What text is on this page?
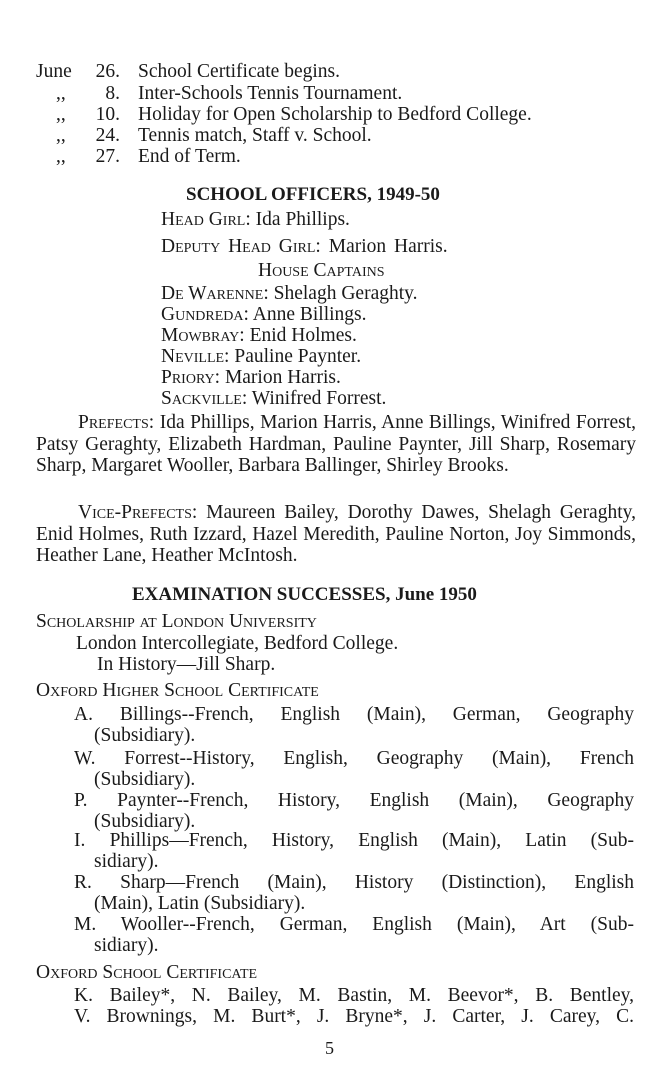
June	26. School Certificate begins.
,,	8. Inter-Schools Tennis Tournament.
,,	10. Holiday for Open Scholarship to Bedford College.
,,	24. Tennis match, Staff v. School.
,,	27. End of Term.
SCHOOL OFFICERS, 1949-50
Head Girl: Ida Phillips.
Deputy Head Girl: Marion Harris.
House Captains
De Warenne: Shelagh Geraghty.
Gundreda: Anne Billings.
Mowbray: Enid Holmes.
Neville: Pauline Paynter.
Priory: Marion Harris.
Sackville: Winifred Forrest.
Prefects: Ida Phillips, Marion Harris, Anne Billings, Winifred Forrest, Patsy Geraghty, Elizabeth Hardman, Pauline Paynter, Jill Sharp, Rosemary Sharp, Margaret Wooller, Barbara Ballinger, Shirley Brooks.
Vice-Prefects: Maureen Bailey, Dorothy Dawes, Shelagh Geraghty, Enid Holmes, Ruth Izzard, Hazel Meredith, Pauline Norton, Joy Simmonds, Heather Lane, Heather McIntosh.
EXAMINATION SUCCESSES, June 1950
Scholarship at London University
London Intercollegiate, Bedford College.
In History—Jill Sharp.
Oxford Higher School Certificate
A. Billings--French, English (Main), German, Geography
(Subsidiary).
W. Forrest--History, English, Geography (Main), French
(Subsidiary).
P. Paynter--French, History, English (Main), Geography
(Subsidiary).
I. Phillips—French, History, English (Main), Latin (Sub-
sidiary).
R. Sharp—French (Main), History (Distinction), English
(Main), Latin (Subsidiary).
M. Wooller--French, German, English (Main), Art (Sub-
sidiary).
Oxford School Certificate
K. Bailey*, N. Bailey, M. Bastin, M. Beevor*, B. Bentley,
V. Brownings, M. Burt*, J. Bryne*, J. Carter, J. Carey, C.
5
